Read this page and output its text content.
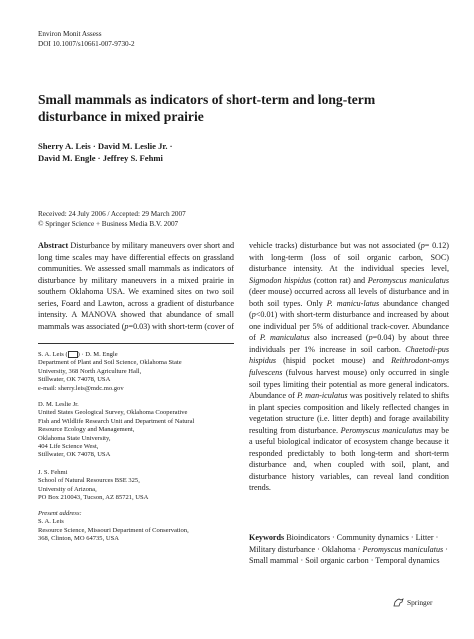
Environ Monit Assess
DOI 10.1007/s10661-007-9730-2
Small mammals as indicators of short-term and long-term
disturbance in mixed prairie
Sherry A. Leis · David M. Leslie Jr. ·
David M. Engle · Jeffrey S. Fehmi
Received: 24 July 2006 / Accepted: 29 March 2007
© Springer Science + Business Media B.V. 2007
Abstract Disturbance by military maneuvers over short and long time scales may have differential effects on grassland communities. We assessed small mammals as indicators of disturbance by military maneuvers in a mixed prairie in southern Oklahoma USA. We examined sites on two soil series, Foard and Lawton, across a gradient of disturbance intensity. A MANOVA showed that abundance of small mammals was associated (p=0.03) with short-term (cover of
S. A. Leis ( ) · D. M. Engle
Department of Plant and Soil Science, Oklahoma State
University, 368 North Agriculture Hall,
Stillwater, OK 74078, USA
e-mail: sherry.leis@mdc.mo.gov
D. M. Leslie Jr.
United States Geological Survey, Oklahoma Cooperative
Fish and Wildlife Research Unit and Department of Natural
Resource Ecology and Management,
Oklahoma State University,
404 Life Science West,
Stillwater, OK 74078, USA
J. S. Fehmi
School of Natural Resources BSE 325,
University of Arizona,
PO Box 210043, Tucson, AZ 85721, USA
Present address:
S. A. Leis
Resource Science, Missouri Department of Conservation,
368, Clinton, MO 64735, USA
vehicle tracks) disturbance but was not associated (p= 0.12) with long-term (loss of soil organic carbon, SOC) disturbance intensity. At the individual species level, Sigmodon hispidus (cotton rat) and Peromyscus maniculatus (deer mouse) occurred across all levels of disturbance and in both soil types. Only P. manicu-latus abundance changed (p<0.01) with short-term disturbance and increased by about one individual per 5% of additional track-cover. Abundance of P. maniculatus also increased (p=0.04) by about three individuals per 1% increase in soil carbon. Chaetodi-pus hispidus (hispid pocket mouse) and Reithrodont-omys fulvescens (fulvous harvest mouse) only occurred in single soil types limiting their potential as more general indicators. Abundance of P. man-iculatus was positively related to shifts in plant species composition and likely reflected changes in vegetation structure (i.e. litter depth) and forage availability resulting from disturbance. Peromyscus maniculatus may be a useful biological indicator of ecosystem change because it responded predictably to both long-term and short-term disturbance and, when coupled with soil, plant, and disturbance history variables, can reveal land condition trends.
Keywords Bioindicators · Community dynamics · Litter · Military disturbance · Oklahoma · Peromyscus maniculatus · Small mammal · Soil organic carbon · Temporal dynamics
Springer
